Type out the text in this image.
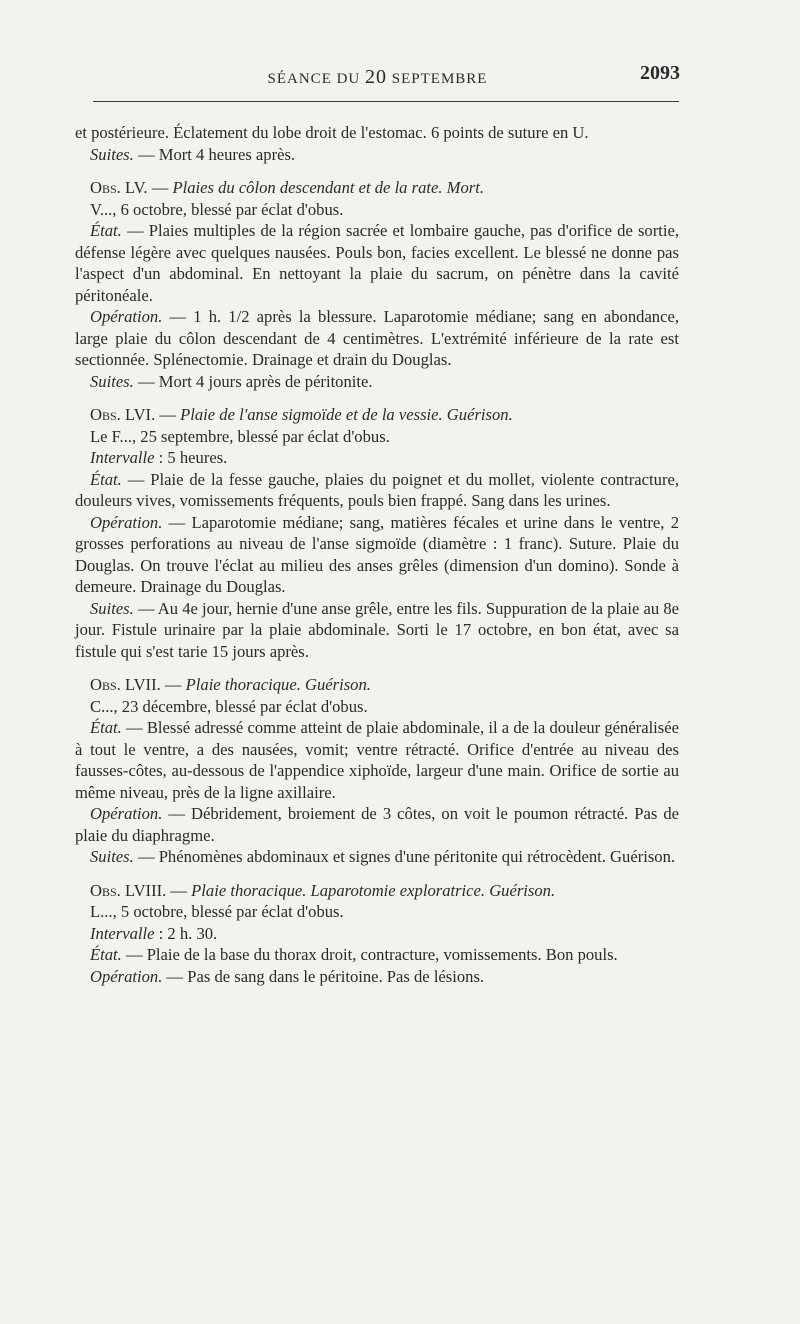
SÉANCE DU 20 SEPTEMBRE	2093

et postérieure. Éclatement du lobe droit de l'estomac. 6 points de suture en U.

Suites. — Mort 4 heures après.

Obs. LV. — Plaies du côlon descendant et de la rate. Mort.

V..., 6 octobre, blessé par éclat d'obus.

État. — Plaies multiples de la région sacrée et lombaire gauche, pas d'orifice de sortie, défense légère avec quelques nausées. Pouls bon, facies excellent. Le blessé ne donne pas l'aspect d'un abdominal. En nettoyant la plaie du sacrum, on pénètre dans la cavité péritonéale.

Opération. — 1 h. 1/2 après la blessure. Laparotomie médiane; sang en abondance, large plaie du côlon descendant de 4 centimètres. L'extrémité inférieure de la rate est sectionnée. Splénectomie. Drainage et drain du Douglas.

Suites. — Mort 4 jours après de péritonite.

Obs. LVI. — Plaie de l'anse sigmoïde et de la vessie. Guérison.

Le F..., 25 septembre, blessé par éclat d'obus.

Intervalle : 5 heures.

État. — Plaie de la fesse gauche, plaies du poignet et du mollet, violente contracture, douleurs vives, vomissements fréquents, pouls bien frappé. Sang dans les urines.

Opération. — Laparotomie médiane; sang, matières fécales et urine dans le ventre, 2 grosses perforations au niveau de l'anse sigmoïde (diamètre : 1 franc). Suture. Plaie du Douglas. On trouve l'éclat au milieu des anses grêles (dimension d'un domino). Sonde à demeure. Drainage du Douglas.

Suites. — Au 4e jour, hernie d'une anse grêle, entre les fils. Suppuration de la plaie au 8e jour. Fistule urinaire par la plaie abdominale. Sorti le 17 octobre, en bon état, avec sa fistule qui s'est tarie 15 jours après.

Obs. LVII. — Plaie thoracique. Guérison.

C..., 23 décembre, blessé par éclat d'obus.

État. — Blessé adressé comme atteint de plaie abdominale, il a de la douleur généralisée à tout le ventre, a des nausées, vomit; ventre rétracté. Orifice d'entrée au niveau des fausses-côtes, au-dessous de l'appendice xiphoïde, largeur d'une main. Orifice de sortie au même niveau, près de la ligne axillaire.

Opération. — Débridement, broiement de 3 côtes, on voit le poumon rétracté. Pas de plaie du diaphragme.

Suites. — Phénomènes abdominaux et signes d'une péritonite qui rétrocèdent. Guérison.

Obs. LVIII. — Plaie thoracique. Laparotomie exploratrice. Guérison.

L..., 5 octobre, blessé par éclat d'obus.

Intervalle : 2 h. 30.

État. — Plaie de la base du thorax droit, contracture, vomissements. Bon pouls.

Opération. — Pas de sang dans le péritoine. Pas de lésions.
